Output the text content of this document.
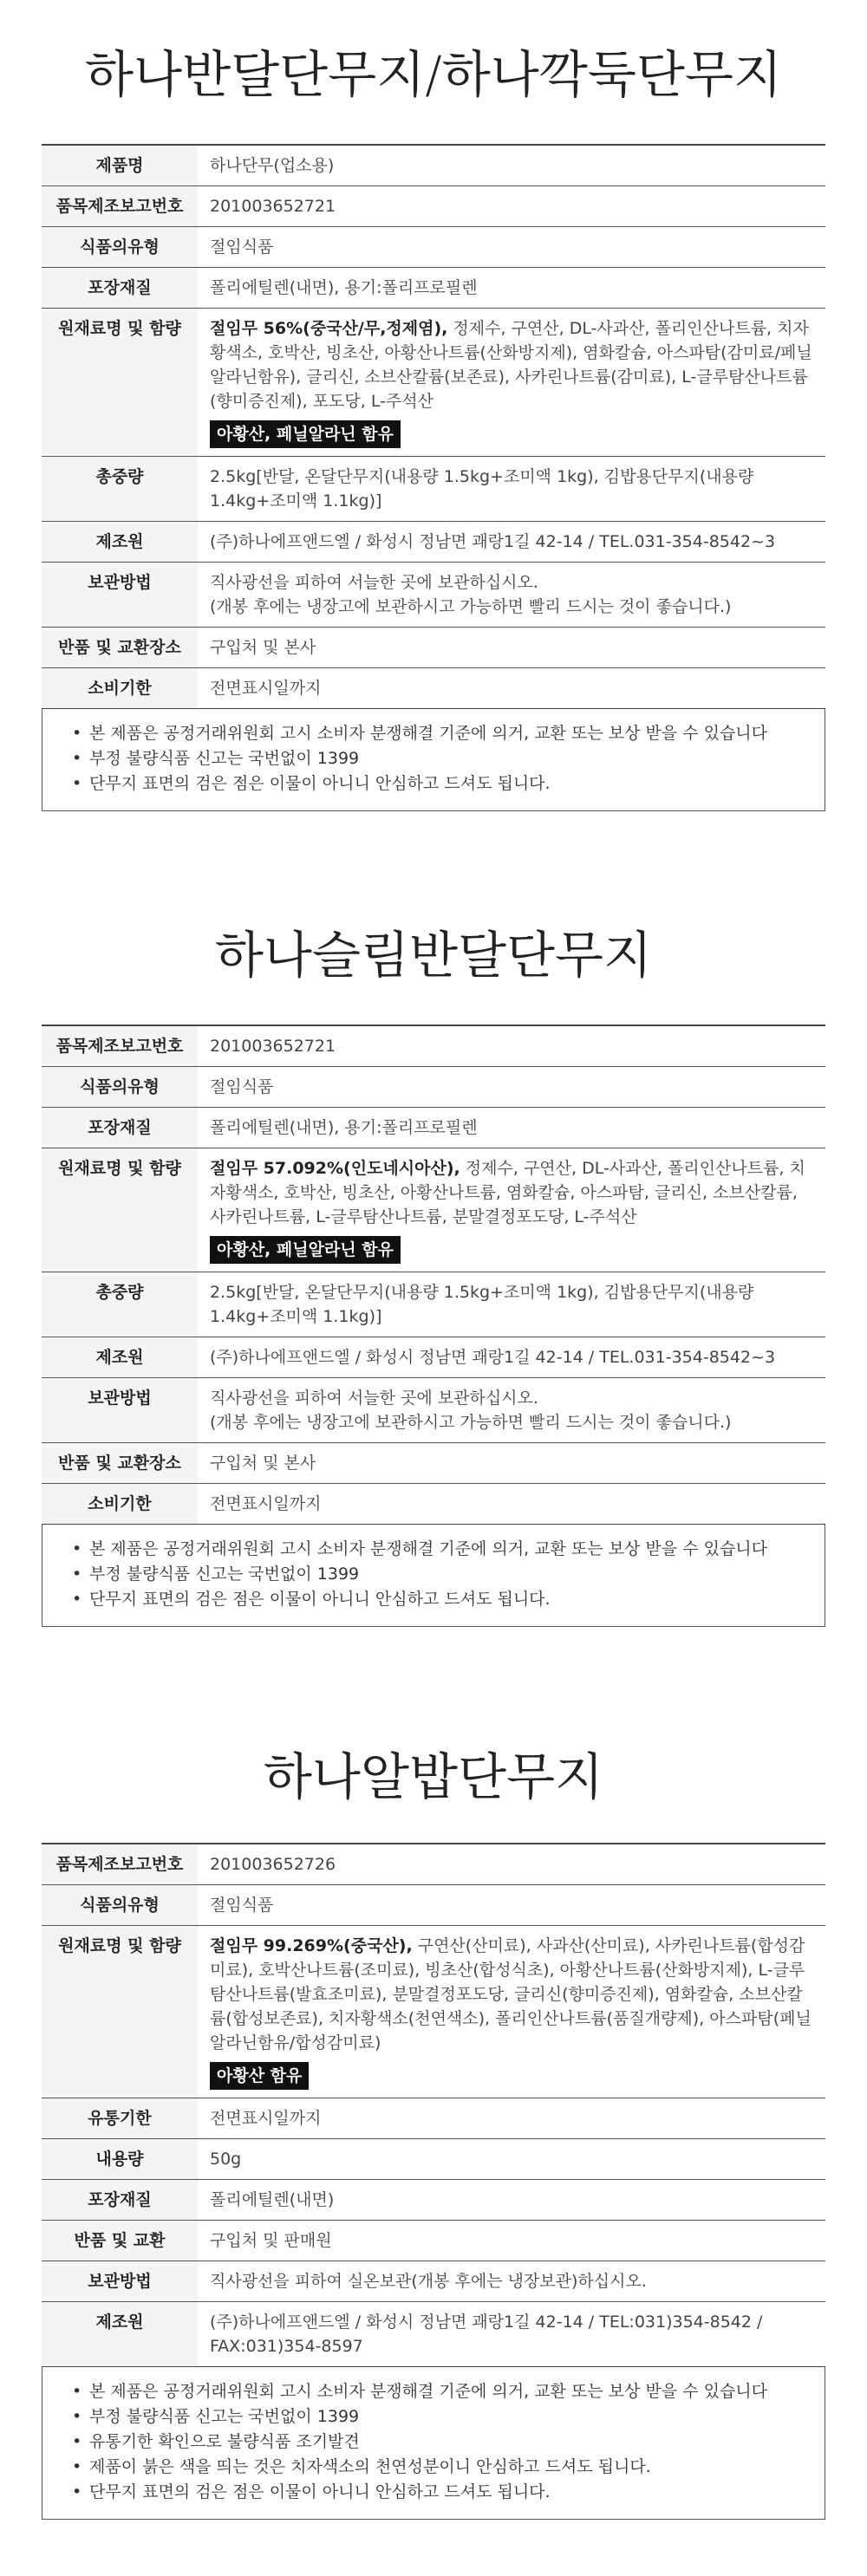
하나반달단무지/하나깍둑단무지
제품명	하나단무(업소용)
품목제조보고번호	201003652721
식품의유형	절임식품
포장재질	폴리에틸렌(내면), 용기:폴리프로필렌
원재료명 및 함량	절임무 56%(중국산/무,정제염), 정제수, 구연산, DL-사과산, 폴리인산나트륨, 치자황색소, 호박산, 빙초산, 아황산나트륨(산화방지제), 염화칼슘, 아스파탐(감미료/페닐알라닌함유), 글리신, 소브산칼륨(보존료), 사카린나트륨(감미료), L-글루탐산나트륨(향미증진제), 포도당, L-주석산
아황산, 페닐알라닌 함유
총중량	2.5kg[반달, 온달단무지(내용량 1.5kg+조미액 1kg), 김밥용단무지(내용량 1.4kg+조미액 1.1kg)]
제조원	(주)하나에프앤드엘 / 화성시 정남면 괘랑1길 42-14 / TEL.031-354-8542~3
보관방법	직사광선을 피하여 서늘한 곳에 보관하십시오.
(개봉 후에는 냉장고에 보관하시고 가능하면 빨리 드시는 것이 좋습니다.)
반품 및 교환장소	구입처 및 본사
소비기한	전면표시일까지
• 본 제품은 공정거래위원회 고시 소비자 분쟁해결 기준에 의거, 교환 또는 보상 받을 수 있습니다
• 부정 불량식품 신고는 국번없이 1399
• 단무지 표면의 검은 점은 이물이 아니니 안심하고 드셔도 됩니다.
하나슬림반달단무지
품목제조보고번호	201003652721
식품의유형	절임식품
포장재질	폴리에틸렌(내면), 용기:폴리프로필렌
원재료명 및 함량	절임무 57.092%(인도네시아산), 정제수, 구연산, DL-사과산, 폴리인산나트륨, 치자황색소, 호박산, 빙초산, 아황산나트륨, 염화칼슘, 아스파탐, 글리신, 소브산칼륨, 사카린나트륨, L-글루탐산나트륨, 분말결정포도당, L-주석산
아황산, 페닐알라닌 함유
총중량	2.5kg[반달, 온달단무지(내용량 1.5kg+조미액 1kg), 김밥용단무지(내용량 1.4kg+조미액 1.1kg)]
제조원	(주)하나에프앤드엘 / 화성시 정남면 괘랑1길 42-14 / TEL.031-354-8542~3
보관방법	직사광선을 피하여 서늘한 곳에 보관하십시오.
(개봉 후에는 냉장고에 보관하시고 가능하면 빨리 드시는 것이 좋습니다.)
반품 및 교환장소	구입처 및 본사
소비기한	전면표시일까지
• 본 제품은 공정거래위원회 고시 소비자 분쟁해결 기준에 의거, 교환 또는 보상 받을 수 있습니다
• 부정 불량식품 신고는 국번없이 1399
• 단무지 표면의 검은 점은 이물이 아니니 안심하고 드셔도 됩니다.
하나알밥단무지
품목제조보고번호	201003652726
식품의유형	절임식품
원재료명 및 함량	절임무 99.269%(중국산), 구연산(산미료), 사과산(산미료), 사카린나트륨(합성감미료), 호박산나트륨(조미료), 빙초산(합성식초), 아황산나트륨(산화방지제), L-글루탐산나트륨(발효조미료), 분말결정포도당, 글리신(향미증진제), 염화칼슘, 소브산칼륨(합성보존료), 치자황색소(천연색소), 폴리인산나트륨(품질개량제), 아스파탐(페닐알라닌함유/합성감미료)
아황산 함유
유통기한	전면표시일까지
내용량	50g
포장재질	폴리에틸렌(내면)
반품 및 교환	구입처 및 판매원
보관방법	직사광선을 피하여 실온보관(개봉 후에는 냉장보관)하십시오.
제조원	(주)하나에프앤드엘 / 화성시 정남면 괘랑1길 42-14 / TEL:031)354-8542 / FAX:031)354-8597
• 본 제품은 공정거래위원회 고시 소비자 분쟁해결 기준에 의거, 교환 또는 보상 받을 수 있습니다
• 부정 불량식품 신고는 국번없이 1399
• 유통기한 확인으로 불량식품 조기발견
• 제품이 붉은 색을 띄는 것은 치자색소의 천연성분이니 안심하고 드셔도 됩니다.
• 단무지 표면의 검은 점은 이물이 아니니 안심하고 드셔도 됩니다.
